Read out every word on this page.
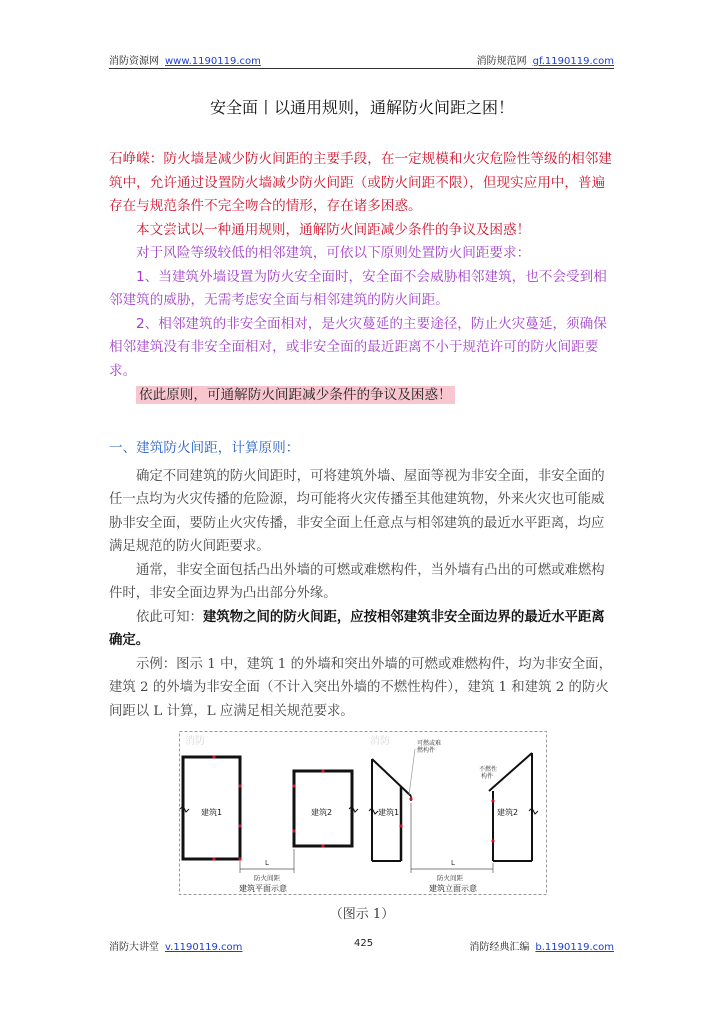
消防资源网 www.1190119.com	消防规范网 gf.1190119.com
安全面丨以通用规则，通解防火间距之困！

石峥嵘：防火墙是减少防火间距的主要手段，在一定规模和火灾危险性等级的相邻建筑中，允许通过设置防火墙减少防火间距（或防火间距不限），但现实应用中，普遍存在与规范条件不完全吻合的情形，存在诸多困惑。

本文尝试以一种通用规则，通解防火间距减少条件的争议及困惑！

对于风险等级较低的相邻建筑，可依以下原则处置防火间距要求：

1、当建筑外墙设置为防火安全面时，安全面不会威胁相邻建筑，也不会受到相邻建筑的威胁，无需考虑安全面与相邻建筑的防火间距。

2、相邻建筑的非安全面相对，是火灾蔓延的主要途径，防止火灾蔓延，须确保相邻建筑没有非安全面相对，或非安全面的最近距离不小于规范许可的防火间距要求。

依此原则，可通解防火间距减少条件的争议及困惑！

一、建筑防火间距，计算原则：

确定不同建筑的防火间距时，可将建筑外墙、屋面等视为非安全面，非安全面的任一点均为火灾传播的危险源，均可能将火灾传播至其他建筑物，外来火灾也可能威胁非安全面，要防止火灾传播，非安全面上任意点与相邻建筑的最近水平距离，均应满足规范的防火间距要求。

通常，非安全面包括凸出外墙的可燃或难燃构件，当外墙有凸出的可燃或难燃构件时，非安全面边界为凸出部分外缘。

依此可知：建筑物之间的防火间距，应按相邻建筑非安全面边界的最近水平距离确定。

示例：图示 1 中，建筑 1 的外墙和突出外墙的可燃或难燃构件，均为非安全面，建筑 2 的外墙为非安全面（不计入突出外墙的不燃性构件），建筑 1 和建筑 2 的防火间距以 L 计算，L 应满足相关规范要求。

消防	消防
建筑1	建筑2
L
防火间距
建筑平面示意
建筑1
可燃或难
燃构件
建筑2
不燃性
构件
L
防火间距
建筑立面示意
（图示 1）
消防大讲堂 v.1190119.com	425	消防经典汇编 b.1190119.com
